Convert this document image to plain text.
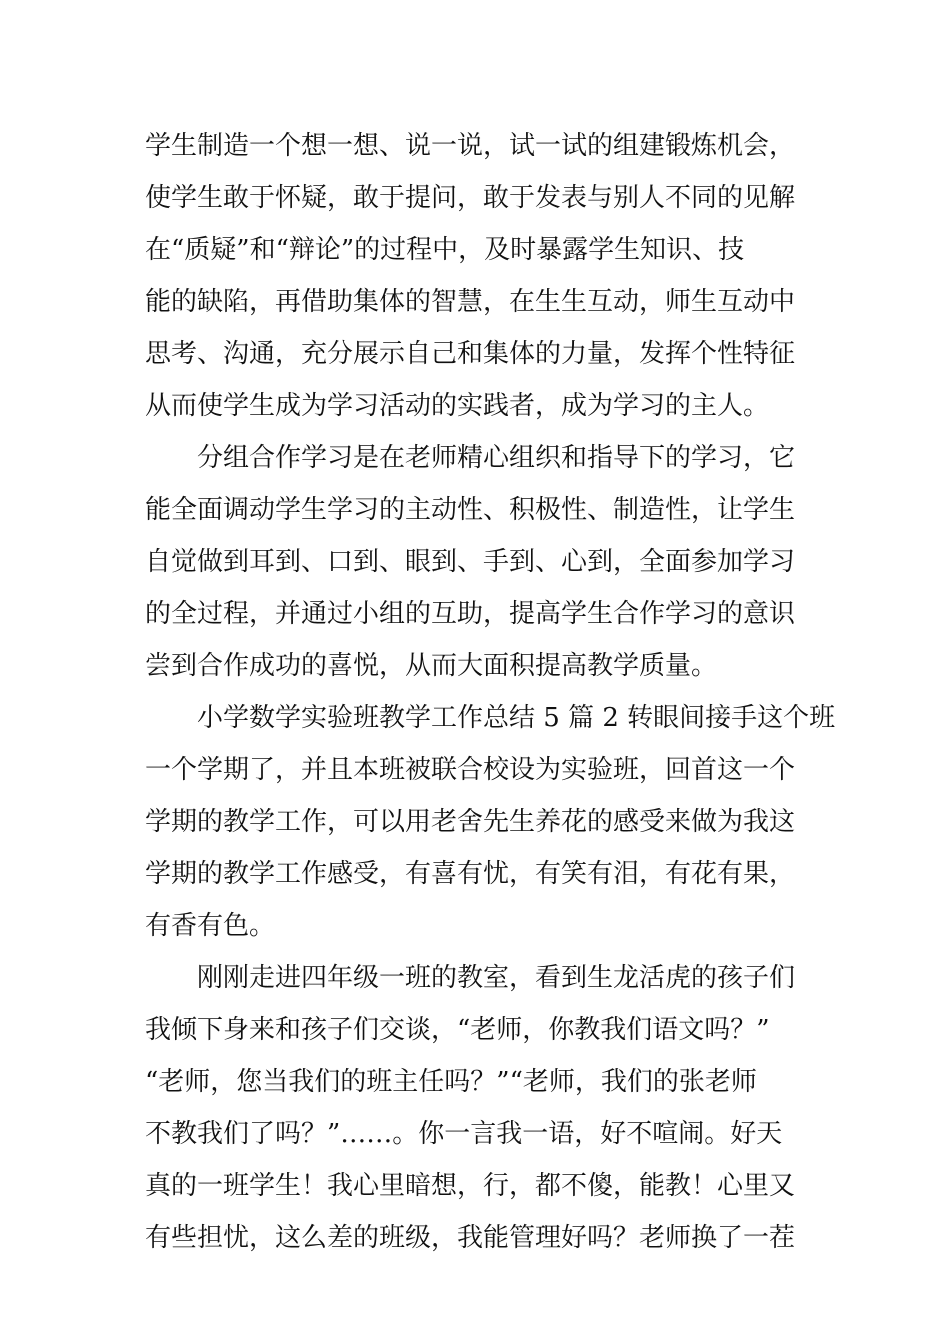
学生制造一个想一想、说一说，试一试的组建锻炼机会，
使学生敢于怀疑，敢于提问，敢于发表与别人不同的见解
在“质疑”和“辩论”的过程中，及时暴露学生知识、技
能的缺陷，再借助集体的智慧，在生生互动，师生互动中
思考、沟通，充分展示自己和集体的力量，发挥个性特征
从而使学生成为学习活动的实践者，成为学习的主人。
分组合作学习是在老师精心组织和指导下的学习，它
能全面调动学生学习的主动性、积极性、制造性，让学生
自觉做到耳到、口到、眼到、手到、心到，全面参加学习
的全过程，并通过小组的互助，提高学生合作学习的意识
尝到合作成功的喜悦，从而大面积提高教学质量。
小学数学实验班教学工作总结 5 篇 2 转眼间接手这个班
一个学期了，并且本班被联合校设为实验班，回首这一个
学期的教学工作，可以用老舍先生养花的感受来做为我这
学期的教学工作感受，有喜有忧，有笑有泪，有花有果，
有香有色。
刚刚走进四年级一班的教室，看到生龙活虎的孩子们
我倾下身来和孩子们交谈，“老师，你教我们语文吗？”
“老师，您当我们的班主任吗？”“老师，我们的张老师
不教我们了吗？”……。你一言我一语，好不喧闹。好天
真的一班学生！我心里暗想，行，都不傻，能教！心里又
有些担忧，这么差的班级，我能管理好吗？老师换了一茬
